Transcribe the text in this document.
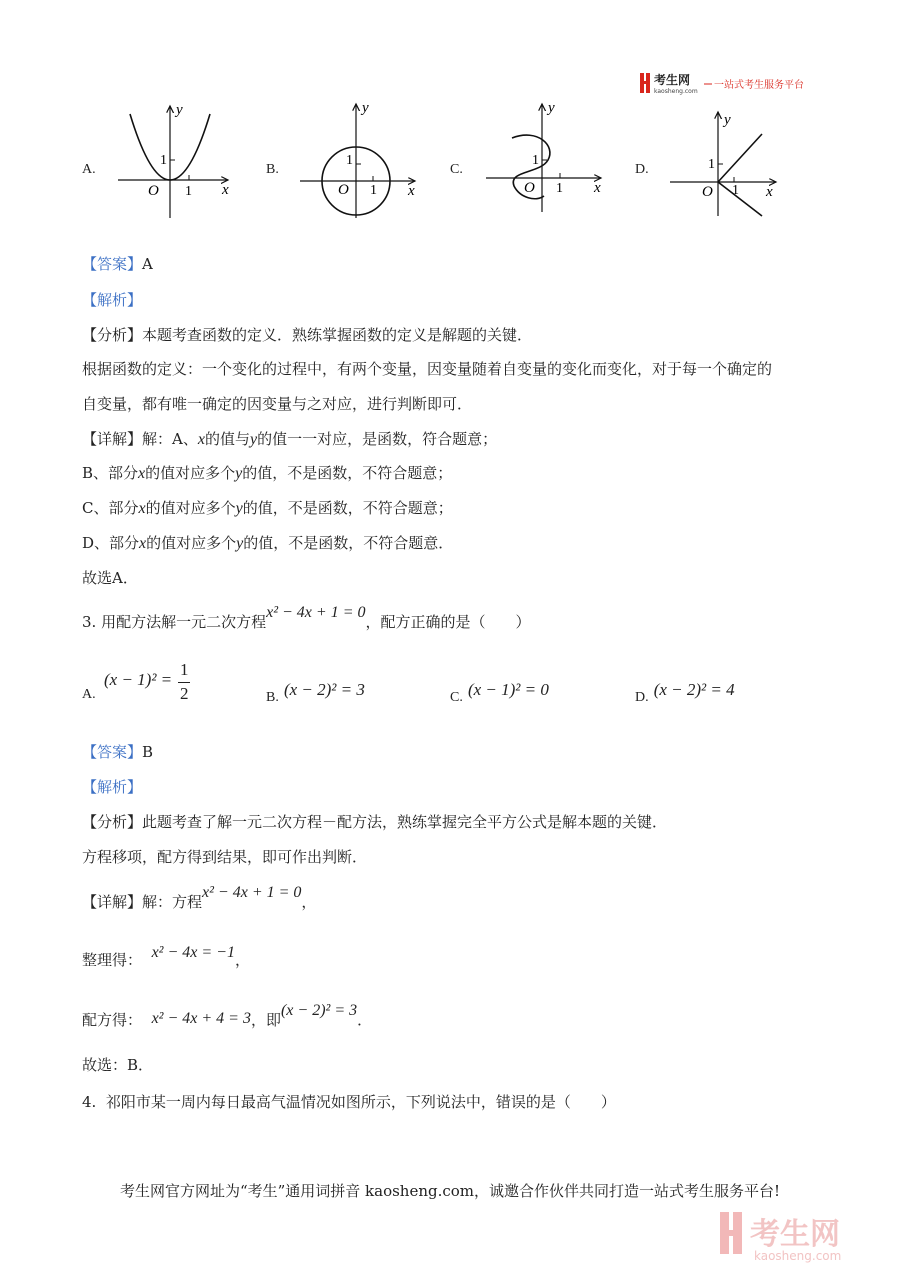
考生网
kaosheng.com
一站式考生服务平台
A.	B.	C.	D.
y
x
O
1
1
y
x
O
1
1
y
x
O
1
1
y
x
O
1
1
【答案】A
【解析】
【分析】本题考查函数的定义．熟练掌握函数的定义是解题的关键．
根据函数的定义：一个变化的过程中，有两个变量，因变量随着自变量的变化而变化，对于每一个确定的
自变量，都有唯一确定的因变量与之对应，进行判断即可．
【详解】解：A、x的值与y的值一一对应，是函数，符合题意；
B、部分x的值对应多个y的值，不是函数，不符合题意；
C、部分x的值对应多个y的值，不是函数，不符合题意；
D、部分x的值对应多个y的值，不是函数，不符合题意．
故选A．
3. 用配方法解一元二次方程x² − 4x + 1 = 0，配方正确的是（　　）
A.
(x − 1)² =
1
2	B. (x − 2)² = 3	C. (x − 1)² = 0	D. (x − 2)² = 4
【答案】B
【解析】
【分析】此题考查了解一元二次方程－配方法，熟练掌握完全平方公式是解本题的关键．
方程移项，配方得到结果，即可作出判断．
【详解】解：方程x² − 4x + 1 = 0，
整理得： x² − 4x = −1，
配方得： x² − 4x + 4 = 3，即(x − 2)² = 3．
故选：B．
4. 祁阳市某一周内每日最高气温情况如图所示，下列说法中，错误的是（　　）
考生网官方网址为“考生”通用词拼音 kaosheng.com，诚邀合作伙伴共同打造一站式考生服务平台!
考生网
kaosheng.com
